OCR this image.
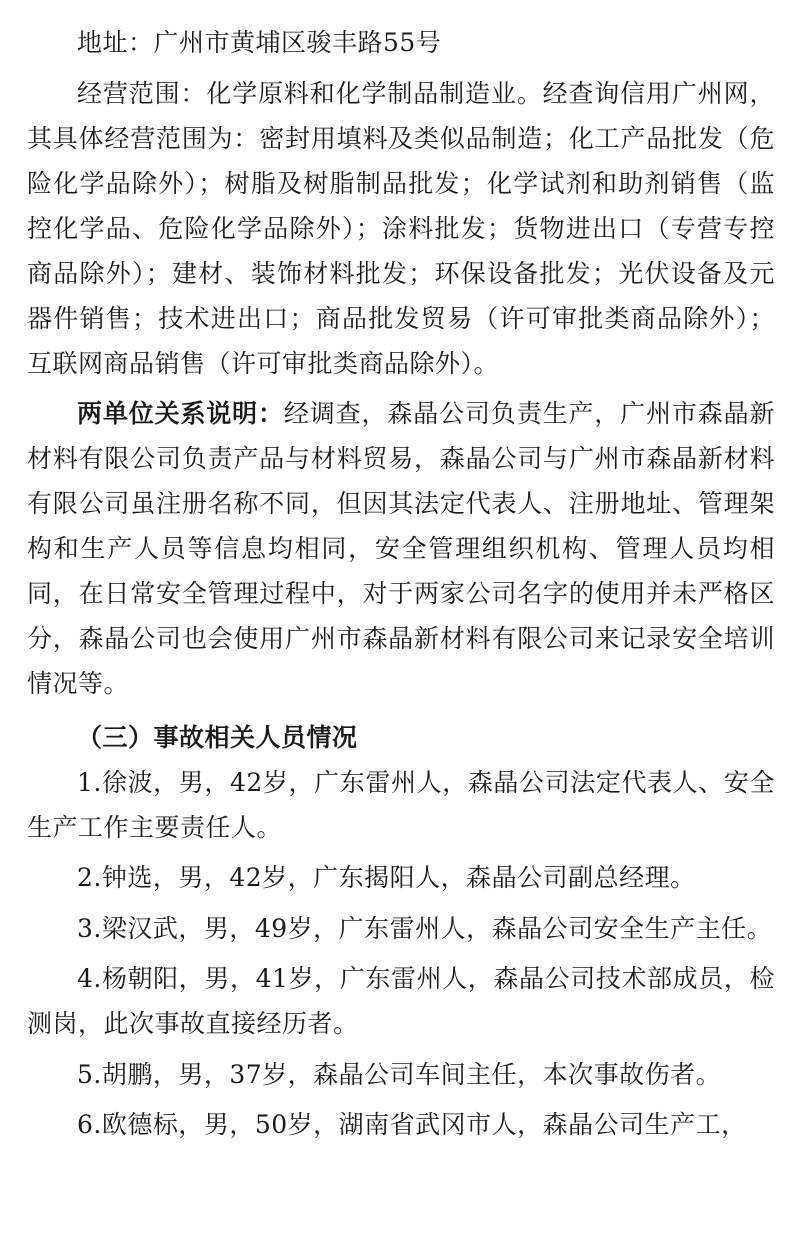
地址：广州市黄埔区骏丰路55号

经营范围：化学原料和化学制品制造业。经查询信用广州网，其具体经营范围为：密封用填料及类似品制造；化工产品批发（危险化学品除外）；树脂及树脂制品批发；化学试剂和助剂销售（监控化学品、危险化学品除外）；涂料批发；货物进出口（专营专控商品除外）；建材、装饰材料批发；环保设备批发；光伏设备及元器件销售；技术进出口；商品批发贸易（许可审批类商品除外）；互联网商品销售（许可审批类商品除外）。

两单位关系说明：经调查，森晶公司负责生产，广州市森晶新材料有限公司负责产品与材料贸易，森晶公司与广州市森晶新材料有限公司虽注册名称不同，但因其法定代表人、注册地址、管理架构和生产人员等信息均相同，安全管理组织机构、管理人员均相同，在日常安全管理过程中，对于两家公司名字的使用并未严格区分，森晶公司也会使用广州市森晶新材料有限公司来记录安全培训情况等。

（三）事故相关人员情况

1.徐波，男，42岁，广东雷州人，森晶公司法定代表人、安全生产工作主要责任人。

2.钟选，男，42岁，广东揭阳人，森晶公司副总经理。

3.梁汉武，男，49岁，广东雷州人，森晶公司安全生产主任。

4.杨朝阳，男，41岁，广东雷州人，森晶公司技术部成员，检测岗，此次事故直接经历者。

5.胡鹏，男，37岁，森晶公司车间主任，本次事故伤者。

6.欧德标，男，50岁，湖南省武冈市人，森晶公司生产工，
